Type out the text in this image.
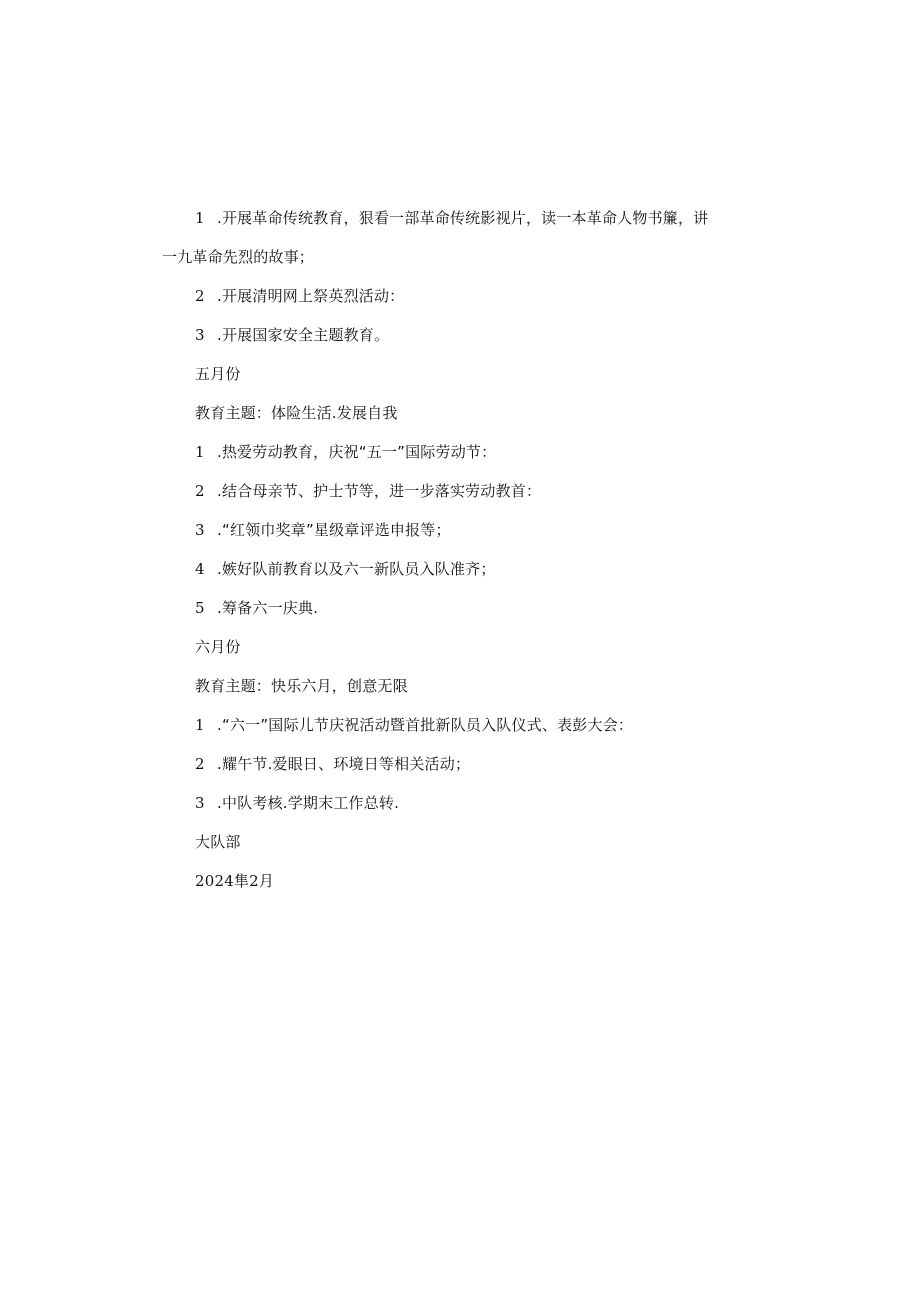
1 .开展革命传统教育，狠看一部革命传统影视片，读一本革命人物书簾，讲
一九革命先烈的故事；
2 .开展清明网上祭英烈活动：
3 .开展国家安全主题教育。
五月份
教育主题：体险生活.发展自我
1 .热爱劳动教育，庆祝“五一”国际劳动节：
2 .结合母亲节、护士节等，进一步落实劳动教首：
3 .“红领巾奖章”星级章评选申报等；
4 .嫉好队前教育以及六一新队员入队准齐；
5 .筹备六一庆典.
六月份
教育主题：快乐六月，创意无限
1 .“六一”国际儿节庆祝活动暨首批新队员入队仪式、表彭大会：
2 .耀午节.爱眼日、环境日等相关活动；
3 .中队考核.学期末工作总转.
大队部
2024隼2月
